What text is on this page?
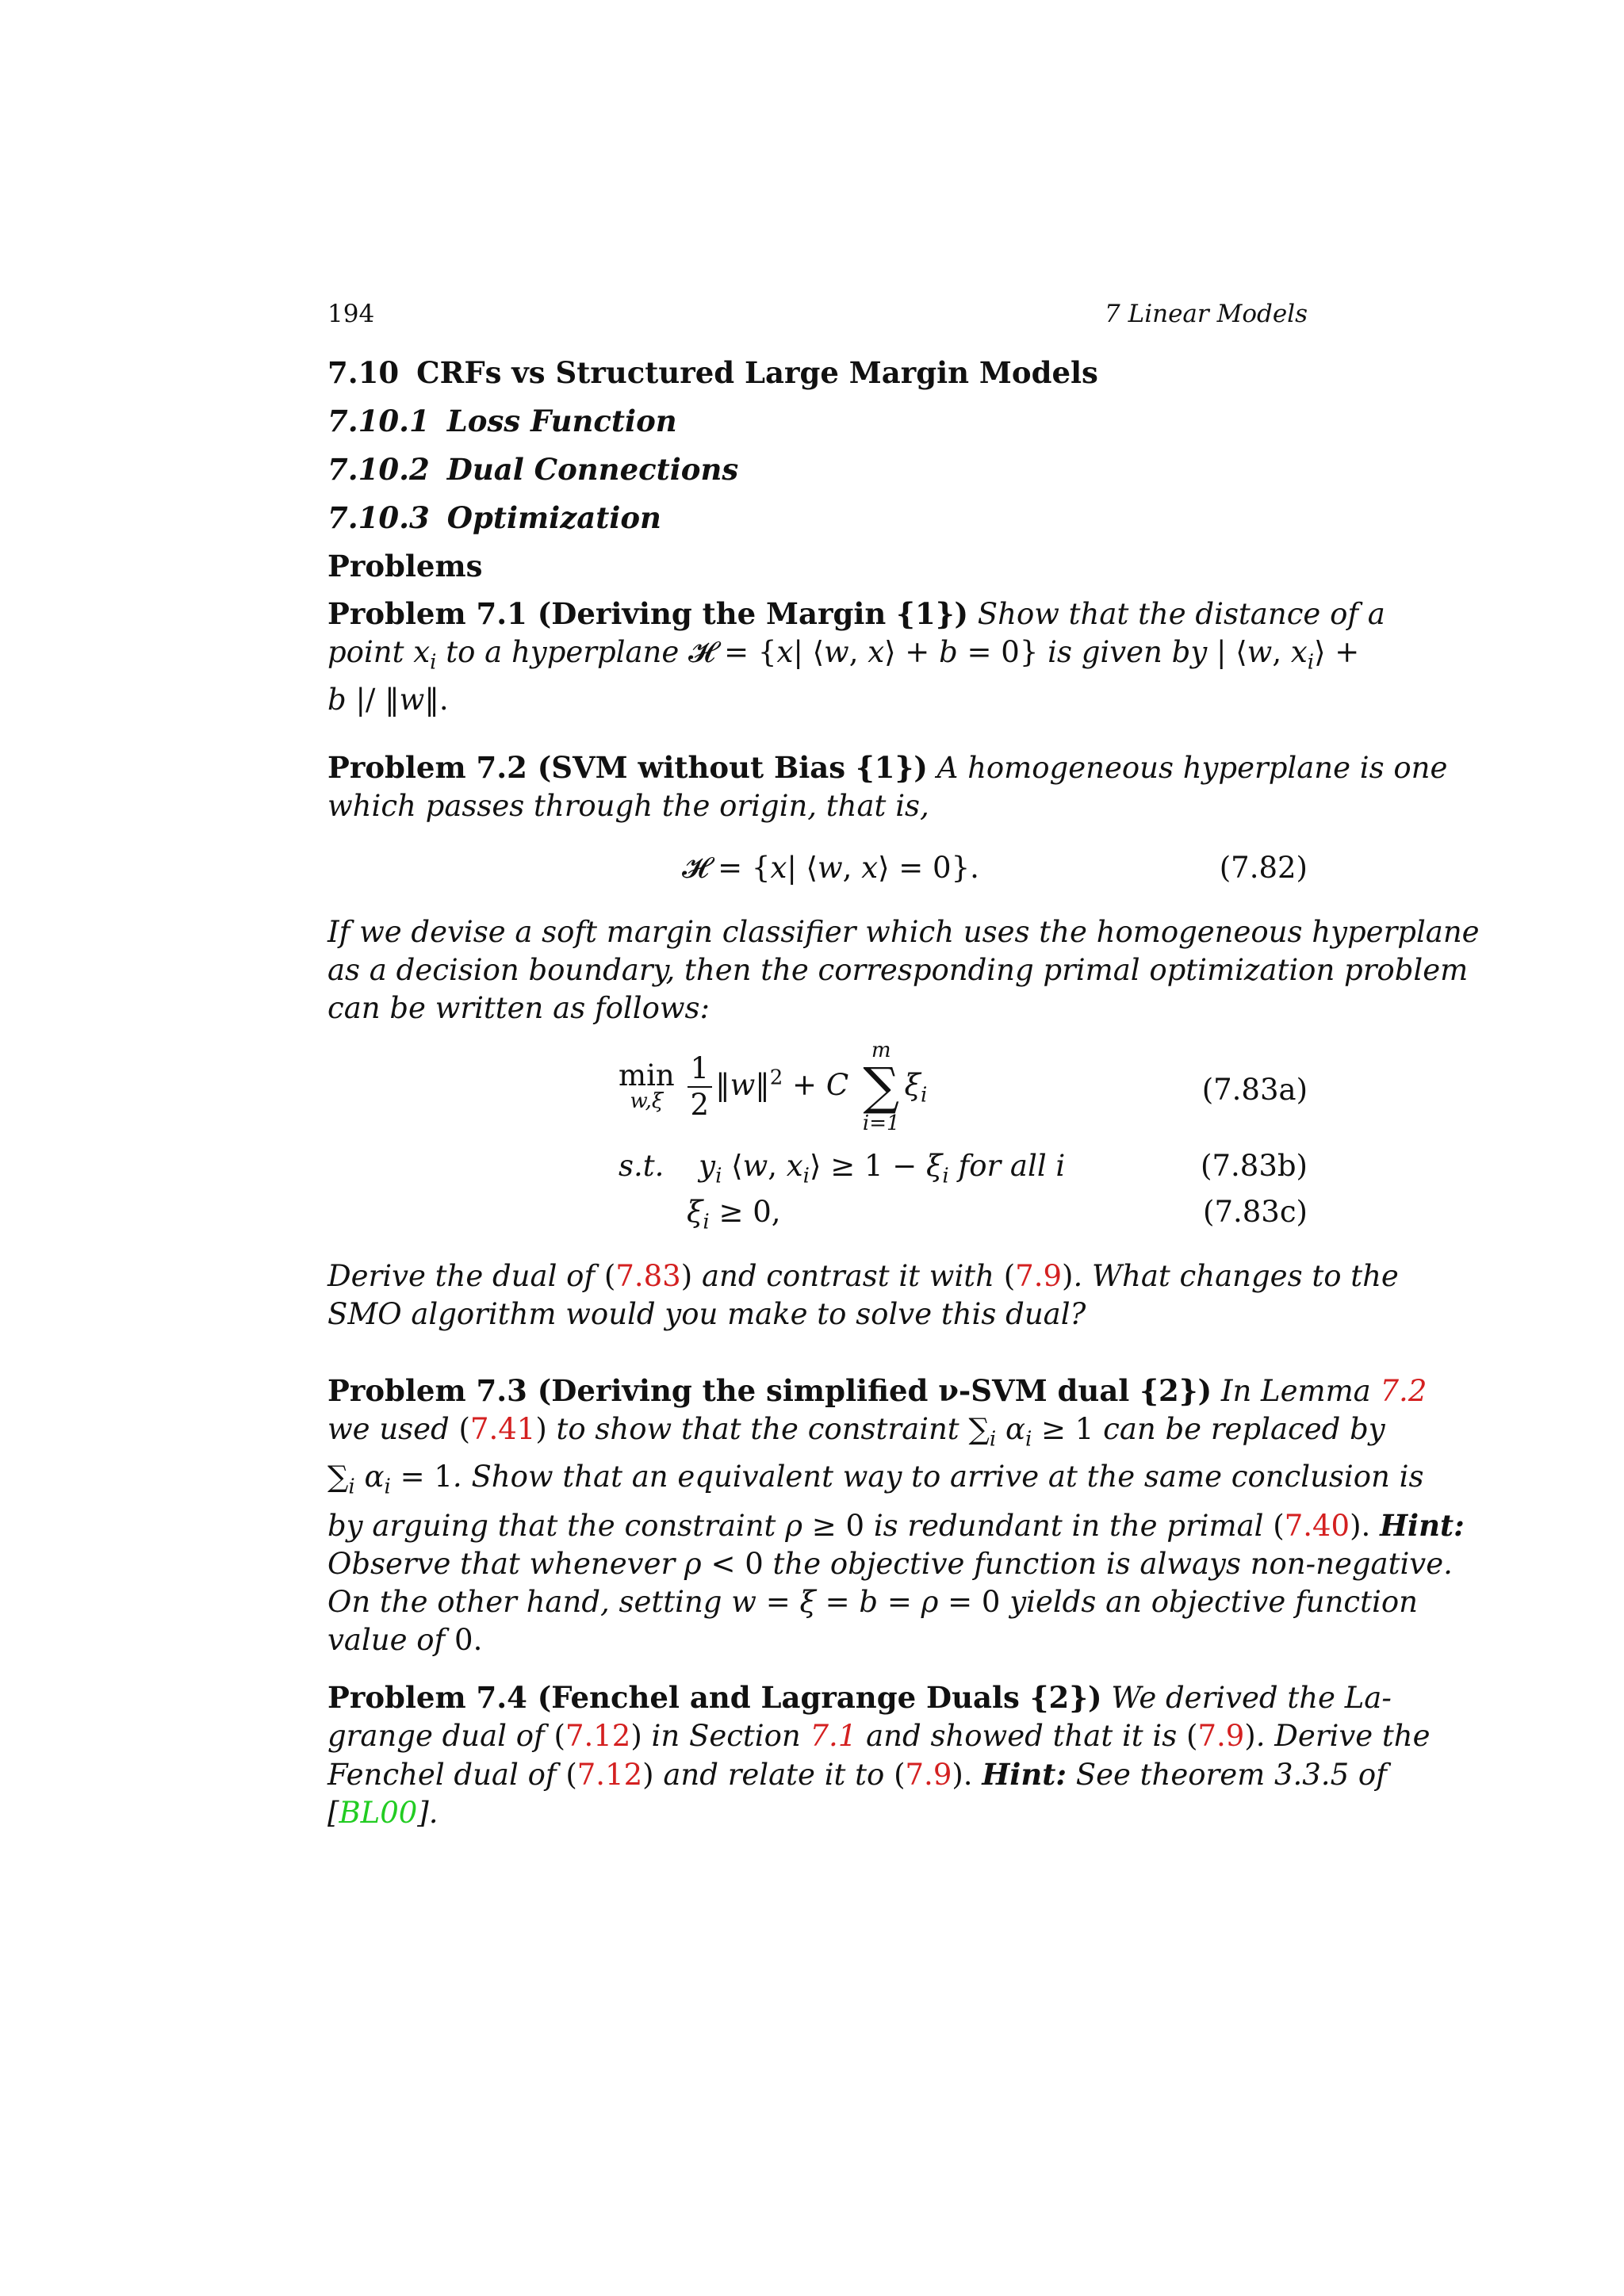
194	7 Linear Models
7.10 CRFs vs Structured Large Margin Models
7.10.1 Loss Function
7.10.2 Dual Connections
7.10.3 Optimization
Problems
Problem 7.1 (Deriving the Margin {1}) Show that the distance of a
point $x_i$ to a hyperplane 𝓗 = {x| ⟨w, x⟩ + b = 0} is given by | ⟨w, $x_i⟩$ +
b |/ ‖w‖.
Problem 7.2 (SVM without Bias {1}) A homogeneous hyperplane is one
which passes through the origin, that is,
𝓗 = {x| ⟨w, x⟩ = 0}.	(7.82)
If we devise a soft margin classifier which uses the homogeneous hyperplane
as a decision boundary, then the corresponding primal optimization problem
can be written as follows:
min
w,ξ
$\frac{1}{2}$ ‖w‖$^2$ + C
m
∑
i=1
$\xi_i$	(7.83a)
s.t. $y_i$ ⟨w, $x_i⟩ \ge 1 - \xi_i$ for all i	(7.83b)
$\xi_i \ge 0$,	(7.83c)
Derive the dual of (7.83) and contrast it with (7.9). What changes to the
SMO algorithm would you make to solve this dual?
Problem 7.3 (Deriving the simplified ν-SVM dual {2}) In Lemma 7.2
we used (7.41) to show that the constraint $\sum_i$ $\alpha_i \ge 1$ can be replaced by
$\sum_i$ $\alpha_i = 1$. Show that an equivalent way to arrive at the same conclusion is
by arguing that the constraint ρ ≥ 0 is redundant in the primal (7.40). Hint:
Observe that whenever ρ < 0 the objective function is always non-negative.
On the other hand, setting w = ξ = b = ρ = 0 yields an objective function
value of 0.
Problem 7.4 (Fenchel and Lagrange Duals {2}) We derived the La-
grange dual of (7.12) in Section 7.1 and showed that it is (7.9). Derive the
Fenchel dual of (7.12) and relate it to (7.9). Hint: See theorem 3.3.5 of
[BL00].
